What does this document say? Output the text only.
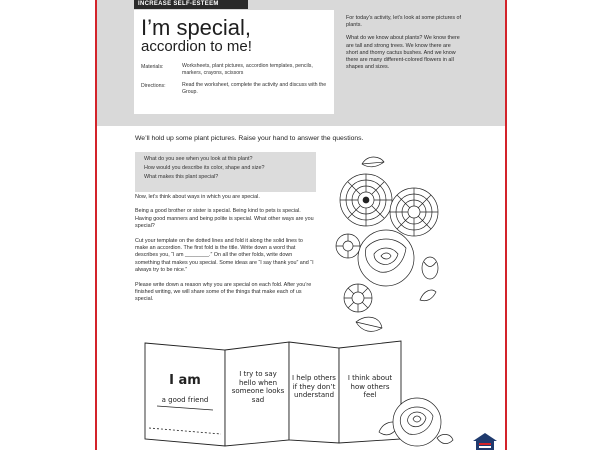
INCREASE SELF-ESTEEM
I’m special,
accordion to me!
Materials:	Worksheets, plant pictures, accordion templates, pencils, markers, crayons, scissors
Directions:	Read the worksheet, complete the activity and discuss with the Group.

For today’s activity, let’s look at some pictures of plants.

What do we know about plants? We know there are tall and strong trees. We know there are short and thorny cactus bushes. And we know there are many different-colored flowers in all shapes and sizes.

We’ll hold up some plant pictures. Raise your hand to answer the questions.
What do you see when you look at this plant?
How would you describe its color, shape and size?
What makes this plant special?

Now, let’s think about ways in which you are special.

Being a good brother or sister is special. Being kind to pets is special. Having good manners and being polite is special. What other ways are you special?

Cut your template on the dotted lines and fold it along the solid lines to make an accordion. The first fold is the title. Write down a word that describes you, “I am ________.” On all the other folds, write down something that makes you special. Some ideas are “I say thank you” and “I always try to be nice.”

Please write down a reason why you are special on each fold. After you’re finished writing, we will share some of the things that make each of us special.

I am
a good friend
I try to say hello when someone looks sad
I help others if they don’t understand
I think about how others feel
